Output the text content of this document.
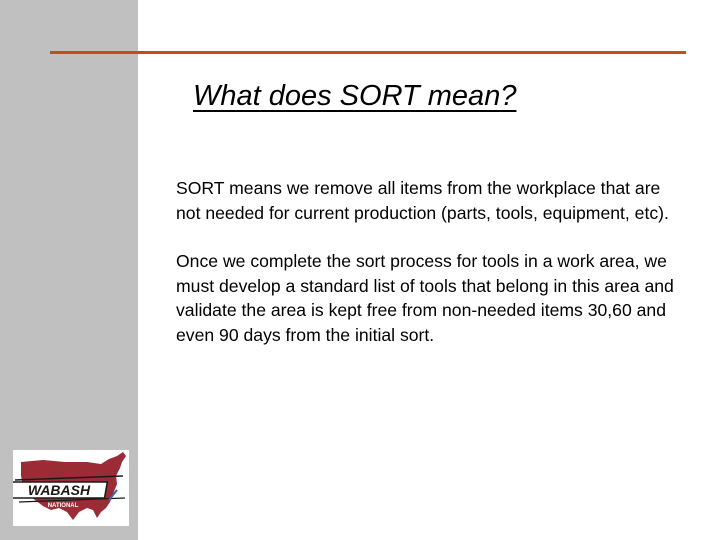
What does SORT mean?

SORT means we remove all items from the workplace that are not needed for current production (parts, tools, equipment, etc).

Once we complete the sort process for tools in a work area, we must develop a standard list of tools that belong in this area and validate the area is kept free from non-needed items 30,60 and even 90 days from the initial sort.

WABASH
NATIONAL
